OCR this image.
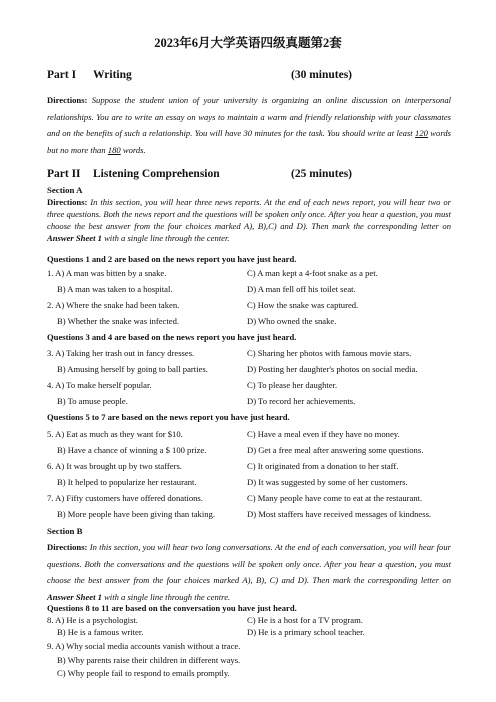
2023年6月大学英语四级真题第2套
Part I Writing	(30 minutes)
Directions: Suppose the student union of your university is organizing an online discussion on interpersonal relationships. You are to write an essay on ways to maintain a warm and friendly relationship with your classmates and on the benefits of such a relationship. You will have 30 minutes for the task. You should write at least 120 words but no more than 180 words.
Part II Listening Comprehension	(25 minutes)
Section A
Directions: In this section, you will hear three news reports. At the end of each news report, you will hear two or three questions. Both the news report and the questions will be spoken only once. After you hear a question, you must choose the best answer from the four choices marked A), B),C) and D). Then mark the corresponding letter on Answer Sheet 1 with a single line through the center.
Questions 1 and 2 are based on the news report you have just heard.
1. A) A man was bitten by a snake.	C) A man kept a 4-foot snake as a pet.
B) A man was taken to a hospital.	D) A man fell off his toilet seat.
2. A) Where the snake had been taken.	C) How the snake was captured.
B) Whether the snake was infected.	D) Who owned the snake.
Questions 3 and 4 are based on the news report you have just heard.
3. A) Taking her trash out in fancy dresses.	C) Sharing her photos with famous movie stars.
B) Amusing herself by going to ball parties.	D) Posting her daughter's photos on social media.
4. A) To make herself popular.	C) To please her daughter.
B) To amuse people.	D) To record her achievements.
Questions 5 to 7 are based on the news report you have just heard.
5. A) Eat as much as they want for $10.	C) Have a meal even if they have no money.
B) Have a chance of winning a $ 100 prize.	D) Get a free meal after answering some questions.
6. A) It was brought up by two staffers.	C) It originated from a donation to her staff.
B) It helped to popularize her restaurant.	D) It was suggested by some of her customers.
7. A) Fifty customers have offered donations.	C) Many people have come to eat at the restaurant.
B) More people have been giving than taking.	D) Most staffers have received messages of kindness.
Section B
Directions: In this section, you will hear two long conversations. At the end of each conversation, you will hear four questions. Both the conversations and the questions will be spoken only once. After you hear a question, you must choose the best answer from the four choices marked A), B), C) and D). Then mark the corresponding letter on Answer Sheet 1 with a single line through the centre.
Questions 8 to 11 are based on the conversation you have just heard.
8. A) He is a psychologist.	C) He is a host for a TV program.
B) He is a famous writer.	D) He is a primary school teacher.
9. A) Why social media accounts vanish without a trace.
B) Why parents raise their children in different ways.
C) Why people fail to respond to emails promptly.
